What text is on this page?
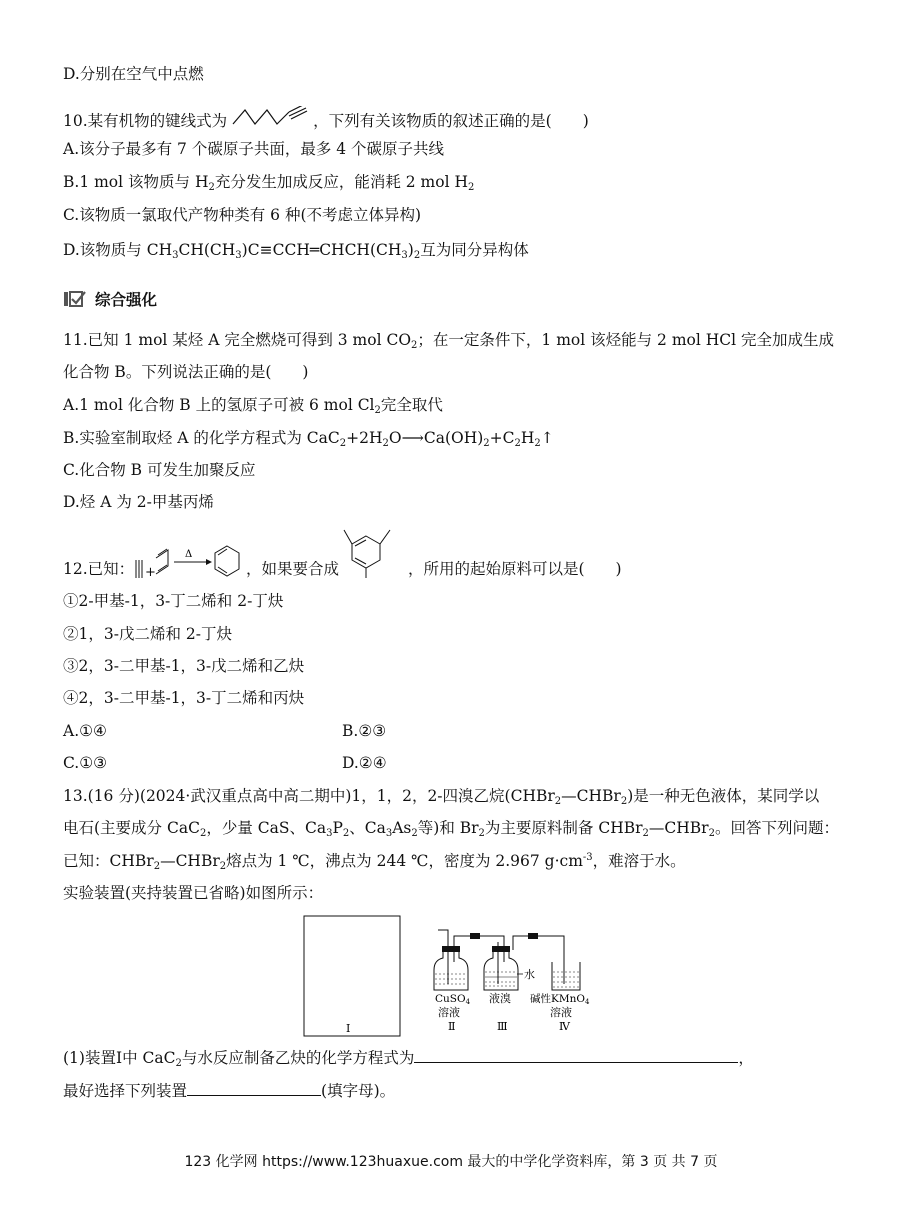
D.分别在空气中点燃
10.某有机物的键线式为	，下列有关该物质的叙述正确的是(　　)
A.该分子最多有 7 个碳原子共面，最多 4 个碳原子共线
B.1 mol 该物质与 $H_2$充分发生加成反应，能消耗 2 mol $H_2$
C.该物质一氯取代产物种类有 6 种(不考虑立体异构)
D.该物质与 $CH_3CH(CH_3)C\equiv CCH═CHCH(CH_3)_2$互为同分异构体
综合强化
11.已知 1 mol 某烃 A 完全燃烧可得到 3 mol $CO_2$；在一定条件下，1 mol 该烃能与 2 mol HCl 完全加成生成
化合物 B。下列说法正确的是(　　)
A.1 mol 化合物 B 上的氢原子可被 6 mol $Cl_2$完全取代
B.实验室制取烃 A 的化学方程式为 $CaC_2+2H_2O⟶Ca(OH)_2+C_2H_2↑$
C.化合物 B 可发生加聚反应
D.烃 A 为 2-甲基丙烯
12.已知： +
Δ
，如果要合成	，所用的起始原料可以是(　　)
①2-甲基-1，3-丁二烯和 2-丁炔
②1，3-戊二烯和 2-丁炔
③2，3-二甲基-1，3-戊二烯和乙炔
④2，3-二甲基-1，3-丁二烯和丙炔
A.①④	B.②③
C.①③	D.②④
13.(16 分)(2024·武汉重点高中高二期中)1，1，2，2-四溴乙烷(CHBr$_2$—CHBr$_2$)是一种无色液体，某同学以
电石(主要成分 CaC$_2$，少量 CaS、$Ca_3P_2$、$Ca_3As_2$等)和 $Br_2$为主要原料制备 CHBr$_2$—CHBr$_2$。回答下列问题：
已知：CHBr$_2$—CHBr$_2$熔点为 1 ℃，沸点为 244 ℃，密度为 2.967 $g\cdot cm^{-3}$，难溶于水。
实验装置(夹持装置已省略)如图所示：
Ⅰ
水
CuSO4
溶液
Ⅱ
液溴
Ⅲ
碱性KMnO4
溶液
Ⅳ
(1)装置Ⅰ中 CaC$_2$与水反应制备乙炔的化学方程式为	，
最好选择下列装置	(填字母)。
123 化学网 https://www.123huaxue.com 最大的中学化学资料库，第 3 页 共 7 页
